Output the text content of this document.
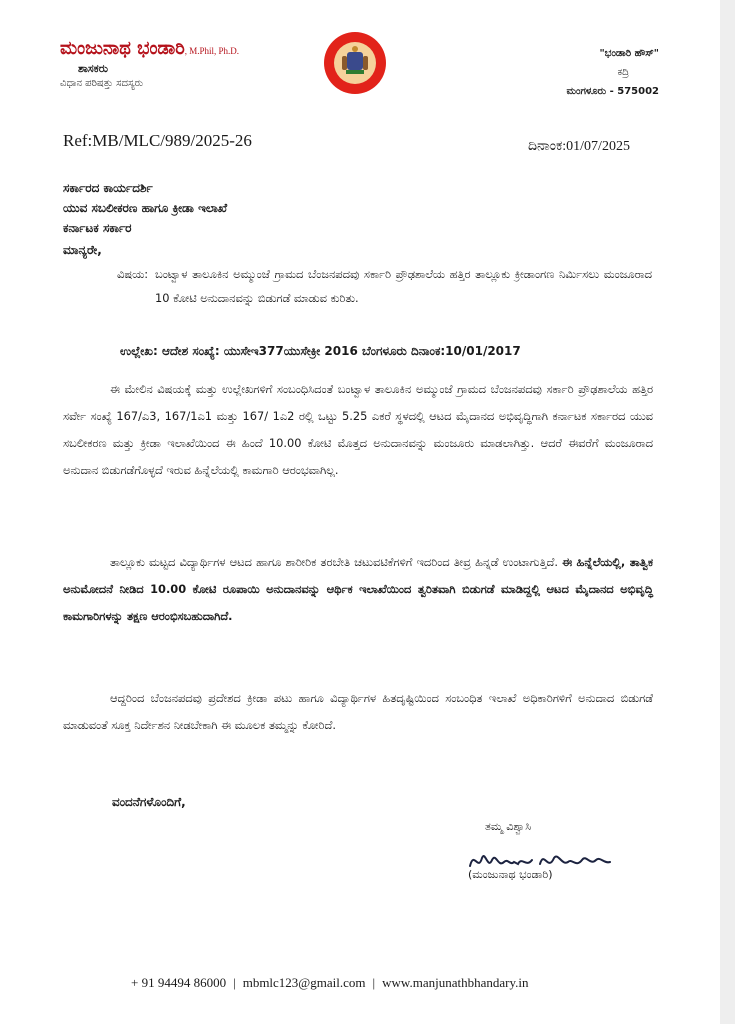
ಮಂಜುನಾಥ ಭಂಡಾರಿ, M.Phil, Ph.D.
ಶಾಸಕರು
ವಿಧಾನ ಪರಿಷತ್ತು ಸದಸ್ಯರು
"ಭಂಡಾರಿ ಹೌಸ್"
ಕದ್ರಿ
ಮಂಗಳೂರು - 575002
Ref:MB/MLC/989/2025-26	ದಿನಾಂಕ:01/07/2025
ಸರ್ಕಾರದ ಕಾರ್ಯದರ್ಶಿ
ಯುವ ಸಬಲೀಕರಣ ಹಾಗೂ ಕ್ರೀಡಾ ಇಲಾಖೆ
ಕರ್ನಾಟಕ ಸರ್ಕಾರ
ಮಾನ್ಯರೇ,
ವಿಷಯ: ಬಂಟ್ವಾಳ ತಾಲೂಕಿನ ಅಮ್ಮುಂಜೆ ಗ್ರಾಮದ ಬೆಂಜನಪದವು ಸರ್ಕಾರಿ ಪ್ರೌಢಶಾಲೆಯ ಹತ್ತಿರ ತಾಲ್ಲೂಕು ಕ್ರೀಡಾಂಗಣ ನಿರ್ಮಿಸಲು ಮಂಜೂರಾದ 10 ಕೋಟಿ ಅನುದಾನವನ್ನು ಬಿಡುಗಡೆ ಮಾಡುವ ಕುರಿತು.
ಉಲ್ಲೇಖ: ಆದೇಶ ಸಂಖ್ಯೆ: ಯುಸೇಇ377ಯುಸೇಕ್ರೀ 2016 ಬೆಂಗಳೂರು ದಿನಾಂಕ:10/01/2017
ಈ ಮೇಲಿನ ವಿಷಯಕ್ಕೆ ಮತ್ತು ಉಲ್ಲೇಖಗಳಿಗೆ ಸಂಬಂಧಿಸಿದಂತೆ ಬಂಟ್ವಾಳ ತಾಲೂಕಿನ ಅಮ್ಮುಂಜೆ ಗ್ರಾಮದ ಬೆಂಜನಪದವು ಸರ್ಕಾರಿ ಪ್ರೌಢಶಾಲೆಯ ಹತ್ತಿರ ಸರ್ವೇ ಸಂಖ್ಯೆ 167/ಎ3, 167/1ಎ1 ಮತ್ತು 167/ 1ಎ2 ರಲ್ಲಿ ಒಟ್ಟು 5.25 ಎಕರೆ ಸ್ಥಳದಲ್ಲಿ ಆಟದ ಮೈದಾನದ ಅಭಿವೃದ್ಧಿಗಾಗಿ ಕರ್ನಾಟಕ ಸರ್ಕಾರದ ಯುವ ಸಬಲೀಕರಣ ಮತ್ತು ಕ್ರೀಡಾ ಇಲಾಖೆಯಿಂದ ಈ ಹಿಂದೆ 10.00 ಕೋಟಿ ಮೊತ್ತದ ಅನುದಾನವನ್ನು ಮಂಜೂರು ಮಾಡಲಾಗಿತ್ತು. ಆದರೆ ಈವರೆಗೆ ಮಂಜೂರಾದ ಅನುದಾನ ಬಿಡುಗಡೆಗೊಳ್ಳದೆ ಇರುವ ಹಿನ್ನೆಲೆಯಲ್ಲಿ ಕಾಮಗಾರಿ ಆರಂಭವಾಗಿಲ್ಲ.
ತಾಲ್ಲೂಕು ಮಟ್ಟದ ವಿದ್ಯಾರ್ಥಿಗಳ ಆಟದ ಹಾಗೂ ಶಾರೀರಿಕ ತರಬೇತಿ ಚಟುವಟಿಕೆಗಳಿಗೆ ಇದರಿಂದ ತೀವ್ರ ಹಿನ್ನಡೆ ಉಂಟಾಗುತ್ತಿದೆ. ಈ ಹಿನ್ನೆಲೆಯಲ್ಲಿ, ತಾತ್ವಿಕ ಅನುಮೋದನೆ ನೀಡಿದ 10.00 ಕೋಟಿ ರೂಪಾಯಿ ಅನುದಾನವನ್ನು ಆರ್ಥಿಕ ಇಲಾಖೆಯಿಂದ ತ್ವರಿತವಾಗಿ ಬಿಡುಗಡೆ ಮಾಡಿದ್ದಲ್ಲಿ ಆಟದ ಮೈದಾನದ ಅಭಿವೃದ್ಧಿ ಕಾಮಗಾರಿಗಳನ್ನು ತಕ್ಷಣ ಆರಂಭಿಸಬಹುದಾಗಿದೆ.
ಆದ್ದರಿಂದ ಬೆಂಜನಪದವು ಪ್ರದೇಶದ ಕ್ರೀಡಾ ಪಟು ಹಾಗೂ ವಿದ್ಯಾರ್ಥಿಗಳ ಹಿತದೃಷ್ಟಿಯಿಂದ ಸಂಬಂಧಿತ ಇಲಾಖೆ ಅಧಿಕಾರಿಗಳಿಗೆ ಅನುದಾದ ಬಿಡುಗಡೆ ಮಾಡುವಂತೆ ಸೂಕ್ತ ನಿರ್ದೇಶನ ನೀಡಬೇಕಾಗಿ ಈ ಮೂಲಕ ತಮ್ಮನ್ನು ಕೋರಿದೆ.
ವಂದನೆಗಳೊಂದಿಗೆ,
ತಮ್ಮ ವಿಶ್ವಾಸಿ
(ಮಂಜುನಾಥ ಭಂಡಾರಿ)
+ 91 94494 86000 | mbmlc123@gmail.com | www.manjunathbhandary.in
